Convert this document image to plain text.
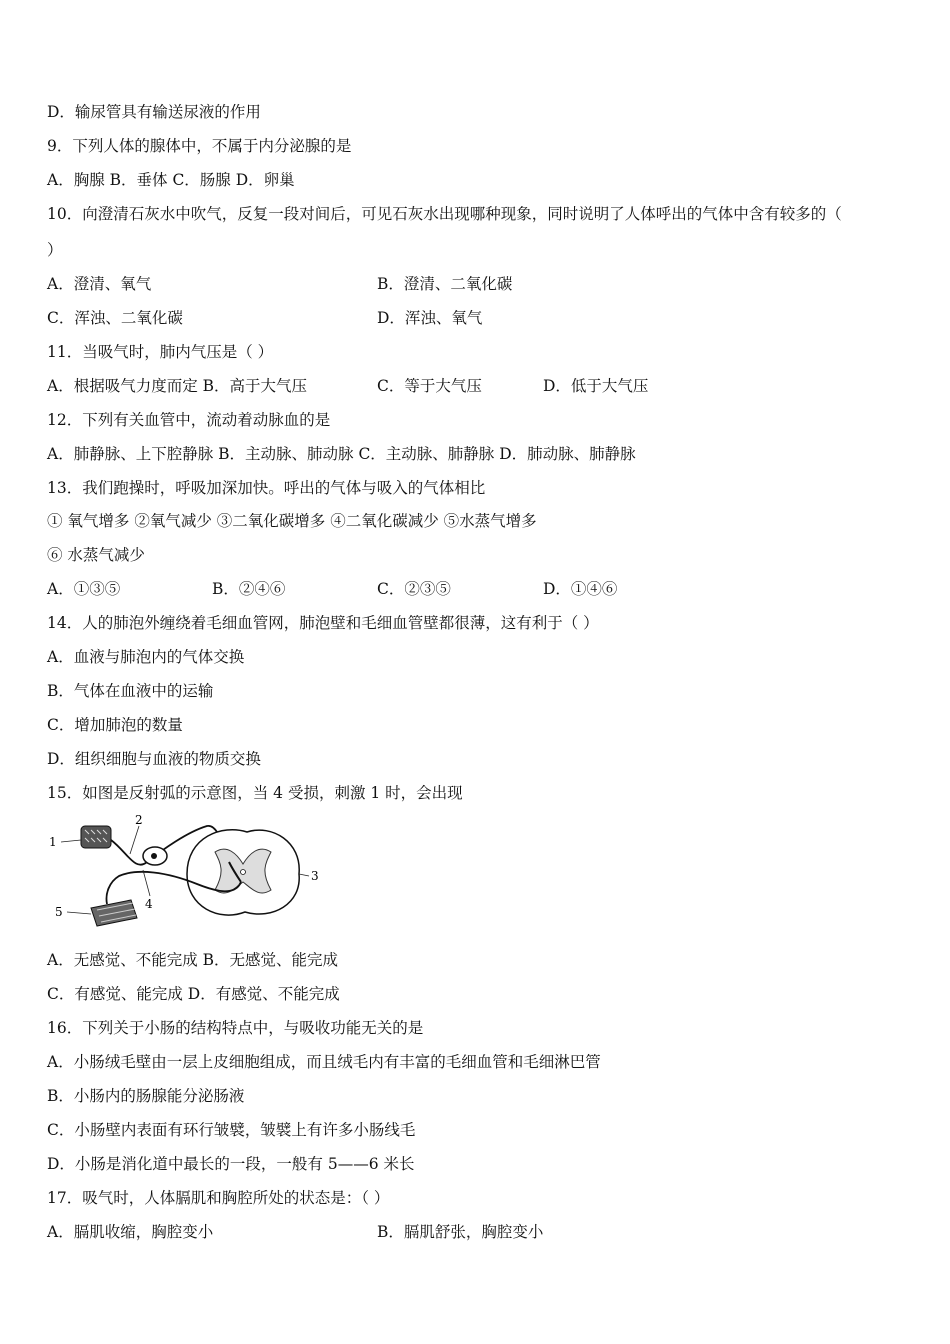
D．输尿管具有输送尿液的作用
9．下列人体的腺体中，不属于内分泌腺的是
A．胸腺 B．垂体 C．肠腺 D．卵巢
10．向澄清石灰水中吹气，反复一段对间后，可见石灰水出现哪种现象，同时说明了人体呼出的气体中含有较多的（
）
A．澄清、氧气	B．澄清、二氧化碳
C．浑浊、二氧化碳	D．浑浊、氧气
11．当吸气时，肺内气压是（ ）
A．根据吸气力度而定 B．高于大气压	C．等于大气压	D．低于大气压
12．下列有关血管中，流动着动脉血的是
A．肺静脉、上下腔静脉 B．主动脉、肺动脉 C．主动脉、肺静脉 D．肺动脉、肺静脉
13．我们跑操时，呼吸加深加快。呼出的气体与吸入的气体相比
① 氧气增多 ②氧气减少 ③二氧化碳增多 ④二氧化碳减少 ⑤水蒸气增多
⑥ 水蒸气减少
A．①③⑤	B．②④⑥	C．②③⑤	D．①④⑥
14．人的肺泡外缠绕着毛细血管网，肺泡壁和毛细血管壁都很薄，这有利于（ ）
A．血液与肺泡内的气体交换
B．气体在血液中的运输
C．增加肺泡的数量
D．组织细胞与血液的物质交换
15．如图是反射弧的示意图，当 4 受损，刺激 1 时，会出现
1
2
3
4
5
A．无感觉、不能完成 B．无感觉、能完成
C．有感觉、能完成 D．有感觉、不能完成
16．下列关于小肠的结构特点中，与吸收功能无关的是
A．小肠绒毛壁由一层上皮细胞组成，而且绒毛内有丰富的毛细血管和毛细淋巴管
B．小肠内的肠腺能分泌肠液
C．小肠壁内表面有环行皱襞，皱襞上有许多小肠线毛
D．小肠是消化道中最长的一段，一般有 5——6 米长
17．吸气时，人体膈肌和胸腔所处的状态是：（ ）
A．膈肌收缩，胸腔变小	B．膈肌舒张，胸腔变小
